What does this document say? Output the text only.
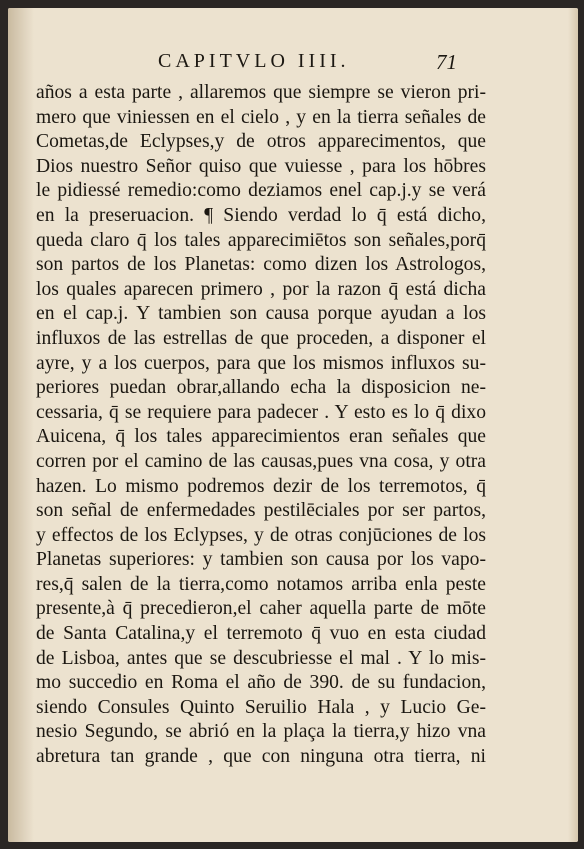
CAPITVLO IIII.	71
años a esta parte , allaremos que siempre se vieron pri-
mero que viniessen en el cielo , y en la tierra señales de
Cometas,de Eclypses,y de otros apparecimentos, que
Dios nuestro Señor quiso que vuiesse , para los hōbres
le pidiessé remedio:como deziamos enel cap.j.y se verá
en la preseruacion. ¶ Siendo verdad lo q̄ está dicho,
queda claro q̄ los tales apparecimiētos son señales,porq̄
son partos de los Planetas: como dizen los Astrologos,
los quales aparecen primero , por la razon q̄ está dicha
en el cap.j. Y tambien son causa porque ayudan a los
influxos de las estrellas de que proceden, a disponer el
ayre, y a los cuerpos, para que los mismos influxos su-
periores puedan obrar,allando echa la disposicion ne-
cessaria, q̄ se requiere para padecer . Y esto es lo q̄ dixo
Auicena, q̄ los tales apparecimientos eran señales que
corren por el camino de las causas,pues vna cosa, y otra
hazen. Lo mismo podremos dezir de los terremotos, q̄
son señal de enfermedades pestilēciales por ser partos,
y effectos de los Eclypses, y de otras conjūciones de los
Planetas superiores: y tambien son causa por los vapo-
res,q̄ salen de la tierra,como notamos arriba enla peste
presente,à q̄ precedieron,el caher aquella parte de mōte
de Santa Catalina,y el terremoto q̄ vuo en esta ciudad
de Lisboa, antes que se descubriesse el mal . Y lo mis-
mo succedio en Roma el año de 390. de su fundacion,
siendo Consules Quinto Seruilio Hala , y Lucio Ge-
nesio Segundo, se abrió en la plaça la tierra,y hizo vna
abretura tan grande , que con ninguna otra tierra, ni
